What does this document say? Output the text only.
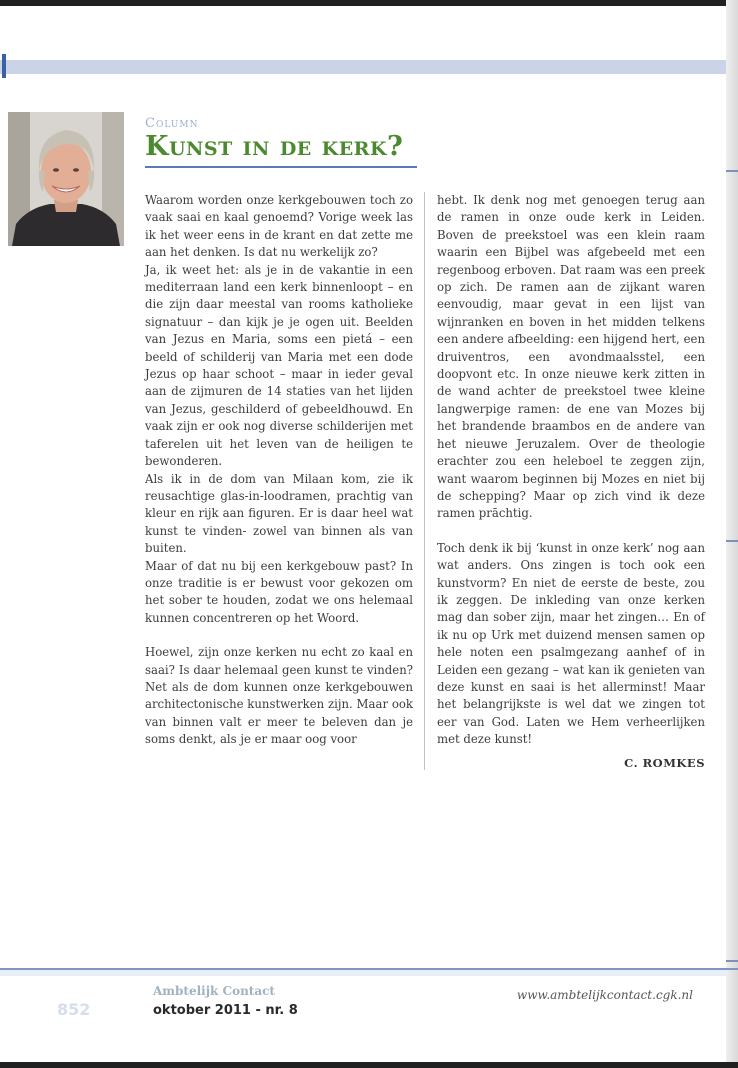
Column
Kunst in de kerk?

Waarom worden onze kerkgebouwen toch zo vaak saai en kaal genoemd? Vorige week las ik het weer eens in de krant en dat zette me aan het denken. Is dat nu werkelijk zo?

Ja, ik weet het: als je in de vakantie in een mediterraan land een kerk binnenloopt – en die zijn daar meestal van rooms katholieke signatuur – dan kijk je je ogen uit. Beelden van Jezus en Maria, soms een pietá – een beeld of schilderij van Maria met een dode Jezus op haar schoot – maar in ieder geval aan de zijmuren de 14 staties van het lijden van Jezus, geschilderd of gebeeldhouwd. En vaak zijn er ook nog diverse schilderijen met taferelen uit het leven van de heiligen te bewonderen.

Als ik in de dom van Milaan kom, zie ik reusachtige glas-in-loodramen, prachtig van kleur en rijk aan figuren. Er is daar heel wat kunst te vinden- zowel van binnen als van buiten.

Maar of dat nu bij een kerkgebouw past? In onze traditie is er bewust voor gekozen om het sober te houden, zodat we ons helemaal kunnen concentreren op het Woord.

Hoewel, zijn onze kerken nu echt zo kaal en saai? Is daar helemaal geen kunst te vinden? Net als de dom kunnen onze kerkgebouwen architectonische kunstwerken zijn. Maar ook van binnen valt er meer te beleven dan je soms denkt, als je er maar oog voor

hebt. Ik denk nog met genoegen terug aan de ramen in onze oude kerk in Leiden. Boven de preekstoel was een klein raam waarin een Bijbel was afgebeeld met een regenboog erboven. Dat raam was een preek op zich. De ramen aan de zijkant waren eenvoudig, maar gevat in een lijst van wijnranken en boven in het midden telkens een andere afbeelding: een hijgend hert, een druiventros, een avondmaalsstel, een doopvont etc. In onze nieuwe kerk zitten in de wand achter de preekstoel twee kleine langwerpige ramen: de ene van Mozes bij het brandende braambos en de andere van het nieuwe Jeruzalem. Over de theologie erachter zou een heleboel te zeggen zijn, want waarom beginnen bij Mozes en niet bij de schepping? Maar op zich vind ik deze ramen prāchtig.

Toch denk ik bij ‘kunst in onze kerk’ nog aan wat anders. Ons zingen is toch ook een kunstvorm? En niet de eerste de beste, zou ik zeggen. De inkleding van onze kerken mag dan sober zijn, maar het zingen… En of ik nu op Urk met duizend mensen samen op hele noten een psalmgezang aanhef of in Leiden een gezang – wat kan ik genieten van deze kunst en saai is het allerminst! Maar het belangrijkste is wel dat we zingen tot eer van God. Laten we Hem verheerlijken met deze kunst!

C. ROMKES
852
Ambtelijk Contact
oktober 2011 - nr. 8
www.ambtelijkcontact.cgk.nl
